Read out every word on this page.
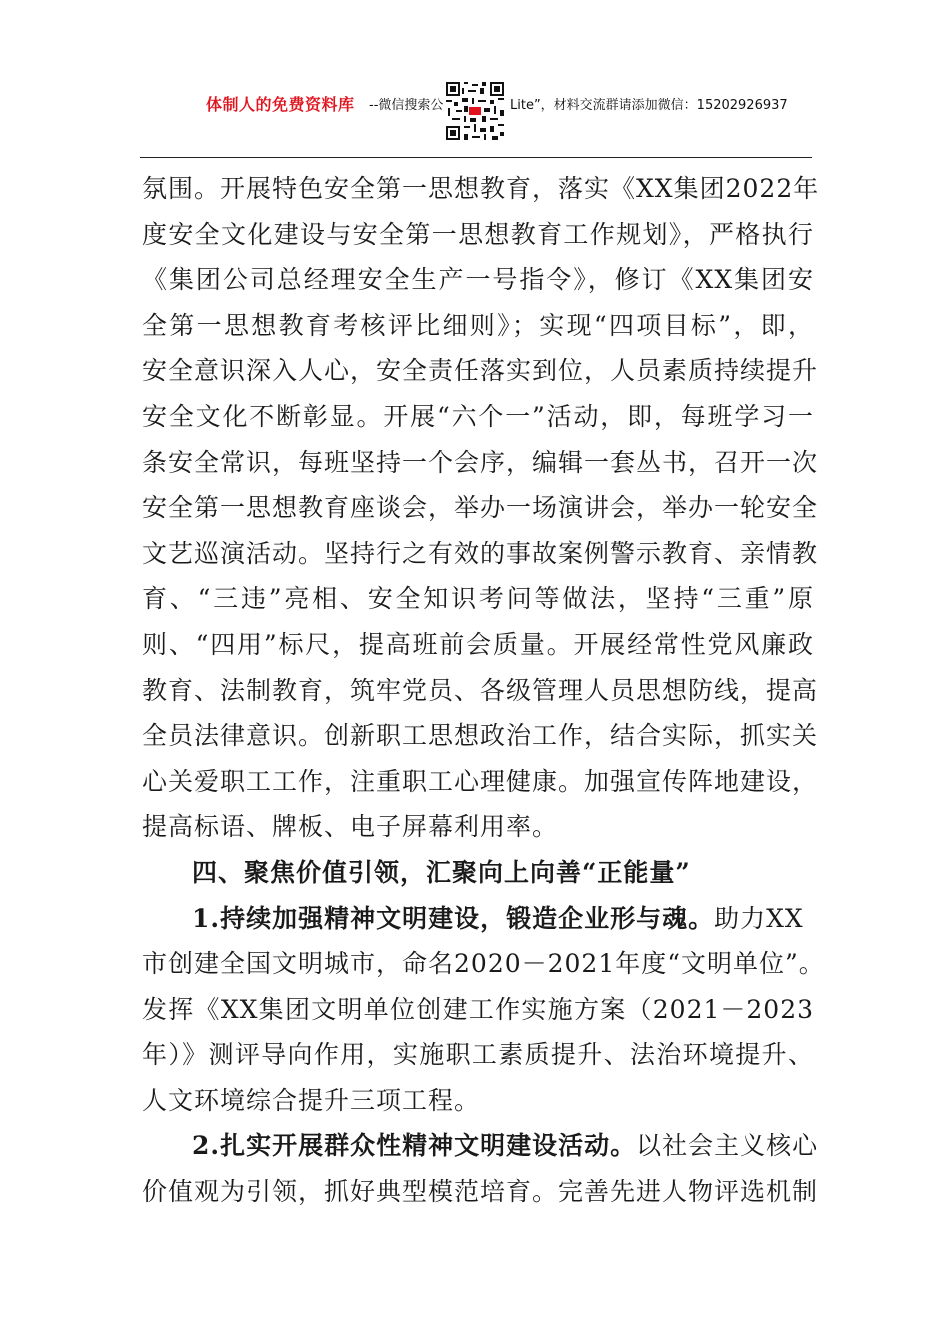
体制人的免费资料库 --微信搜索公	Lite”，材料交流群请添加微信：15202926937
氛围。开展特色安全第一思想教育，落实《XX集团2022年
度安全文化建设与安全第一思想教育工作规划》，严格执行
《集团公司总经理安全生产一号指令》，修订《XX集团安
全第一思想教育考核评比细则》；实现“四项目标”，即，
安全意识深入人心，安全责任落实到位，人员素质持续提升
安全文化不断彰显。开展“六个一”活动，即，每班学习一
条安全常识，每班坚持一个会序，编辑一套丛书，召开一次
安全第一思想教育座谈会，举办一场演讲会，举办一轮安全
文艺巡演活动。坚持行之有效的事故案例警示教育、亲情教
育、“三违”亮相、安全知识考问等做法，坚持“三重”原
则、“四用”标尺，提高班前会质量。开展经常性党风廉政
教育、法制教育，筑牢党员、各级管理人员思想防线，提高
全员法律意识。创新职工思想政治工作，结合实际，抓实关
心关爱职工工作，注重职工心理健康。加强宣传阵地建设，
提高标语、牌板、电子屏幕利用率。
四、聚焦价值引领，汇聚向上向善“正能量”
1.持续加强精神文明建设，锻造企业形与魂。助力XX
市创建全国文明城市，命名2020－2021年度“文明单位”。
发挥《XX集团文明单位创建工作实施方案（2021－2023
年）》测评导向作用，实施职工素质提升、法治环境提升、
人文环境综合提升三项工程。
2.扎实开展群众性精神文明建设活动。以社会主义核心
价值观为引领，抓好典型模范培育。完善先进人物评选机制
